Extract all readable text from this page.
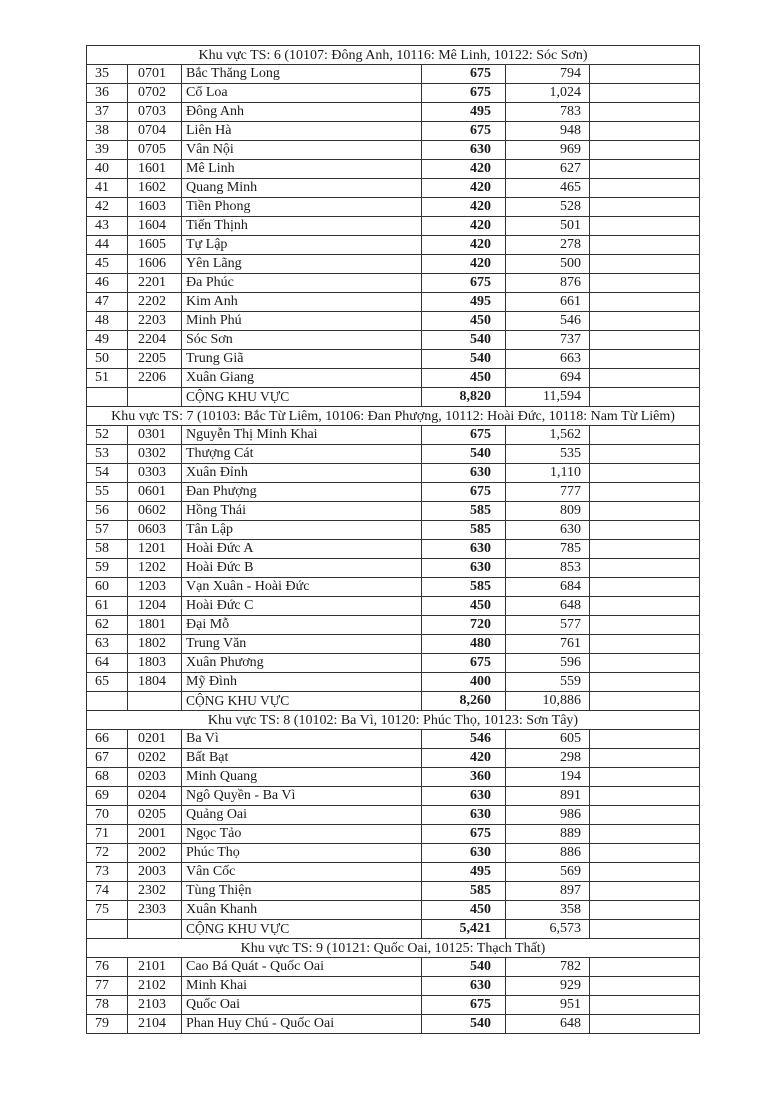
Khu vực TS: 6 (10107: Đông Anh, 10116: Mê Linh, 10122: Sóc Sơn)					
35	0701	Bắc Thăng Long	675	794	
36	0702	Cổ Loa	675	1,024	
37	0703	Đông Anh	495	783	
38	0704	Liên Hà	675	948	
39	0705	Vân Nội	630	969	
40	1601	Mê Linh	420	627	
41	1602	Quang Minh	420	465	
42	1603	Tiền Phong	420	528	
43	1604	Tiến Thịnh	420	501	
44	1605	Tự Lập	420	278	
45	1606	Yên Lãng	420	500	
46	2201	Đa Phúc	675	876	
47	2202	Kim Anh	495	661	
48	2203	Minh Phú	450	546	
49	2204	Sóc Sơn	540	737	
50	2205	Trung Giã	540	663	
51	2206	Xuân Giang	450	694	
		CỘNG KHU VỰC	8,820	11,594	
Khu vực TS: 7 (10103: Bắc Từ Liêm, 10106: Đan Phượng, 10112: Hoài Đức, 10118: Nam Từ Liêm)					
52	0301	Nguyễn Thị Minh Khai	675	1,562	
53	0302	Thượng Cát	540	535	
54	0303	Xuân Đỉnh	630	1,110	
55	0601	Đan Phượng	675	777	
56	0602	Hồng Thái	585	809	
57	0603	Tân Lập	585	630	
58	1201	Hoài Đức A	630	785	
59	1202	Hoài Đức B	630	853	
60	1203	Vạn Xuân - Hoài Đức	585	684	
61	1204	Hoài Đức C	450	648	
62	1801	Đại Mỗ	720	577	
63	1802	Trung Văn	480	761	
64	1803	Xuân Phương	675	596	
65	1804	Mỹ Đình	400	559	
		CỘNG KHU VỰC	8,260	10,886	
Khu vực TS: 8 (10102: Ba Vì, 10120: Phúc Thọ, 10123: Sơn Tây)					
66	0201	Ba Vì	546	605	
67	0202	Bất Bạt	420	298	
68	0203	Minh Quang	360	194	
69	0204	Ngô Quyền - Ba Vì	630	891	
70	0205	Quảng Oai	630	986	
71	2001	Ngọc Tảo	675	889	
72	2002	Phúc Thọ	630	886	
73	2003	Vân Cốc	495	569	
74	2302	Tùng Thiện	585	897	
75	2303	Xuân Khanh	450	358	
		CỘNG KHU VỰC	5,421	6,573	
Khu vực TS: 9 (10121: Quốc Oai, 10125: Thạch Thất)					
76	2101	Cao Bá Quát - Quốc Oai	540	782	
77	2102	Minh Khai	630	929	
78	2103	Quốc Oai	675	951	
79	2104	Phan Huy Chú - Quốc Oai	540	648	
